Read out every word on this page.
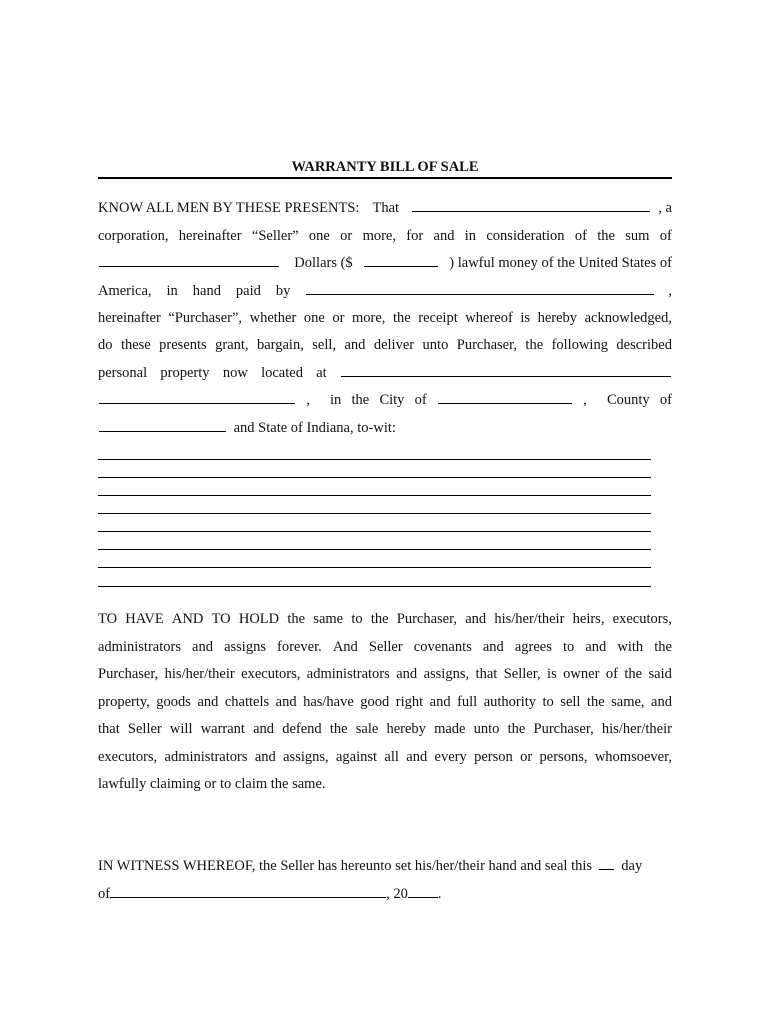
WARRANTY BILL OF SALE
KNOW ALL MEN BY THESE PRESENTS: That	, a
corporation, hereinafter “Seller” one or more, for and in consideration of the sum of
Dollars ($	) lawful money of the United States of
America, in hand paid by	,
hereinafter “Purchaser”, whether one or more, the receipt whereof is hereby acknowledged,
do these presents grant, bargain, sell, and deliver unto Purchaser, the following described
personal property now located at
, in the City of	, County of
and State of Indiana, to-wit:
TO HAVE AND TO HOLD the same to the Purchaser, and his/her/their heirs, executors,
administrators and assigns forever. And Seller covenants and agrees to and with the
Purchaser, his/her/their executors, administrators and assigns, that Seller, is owner of the said
property, goods and chattels and has/have good right and full authority to sell the same, and
that Seller will warrant and defend the sale hereby made unto the Purchaser, his/her/their
executors, administrators and assigns, against all and every person or persons, whomsoever,
lawfully claiming or to claim the same.
IN WITNESS WHEREOF, the Seller has hereunto set his/her/their hand and seal this day
of	, 20 .
